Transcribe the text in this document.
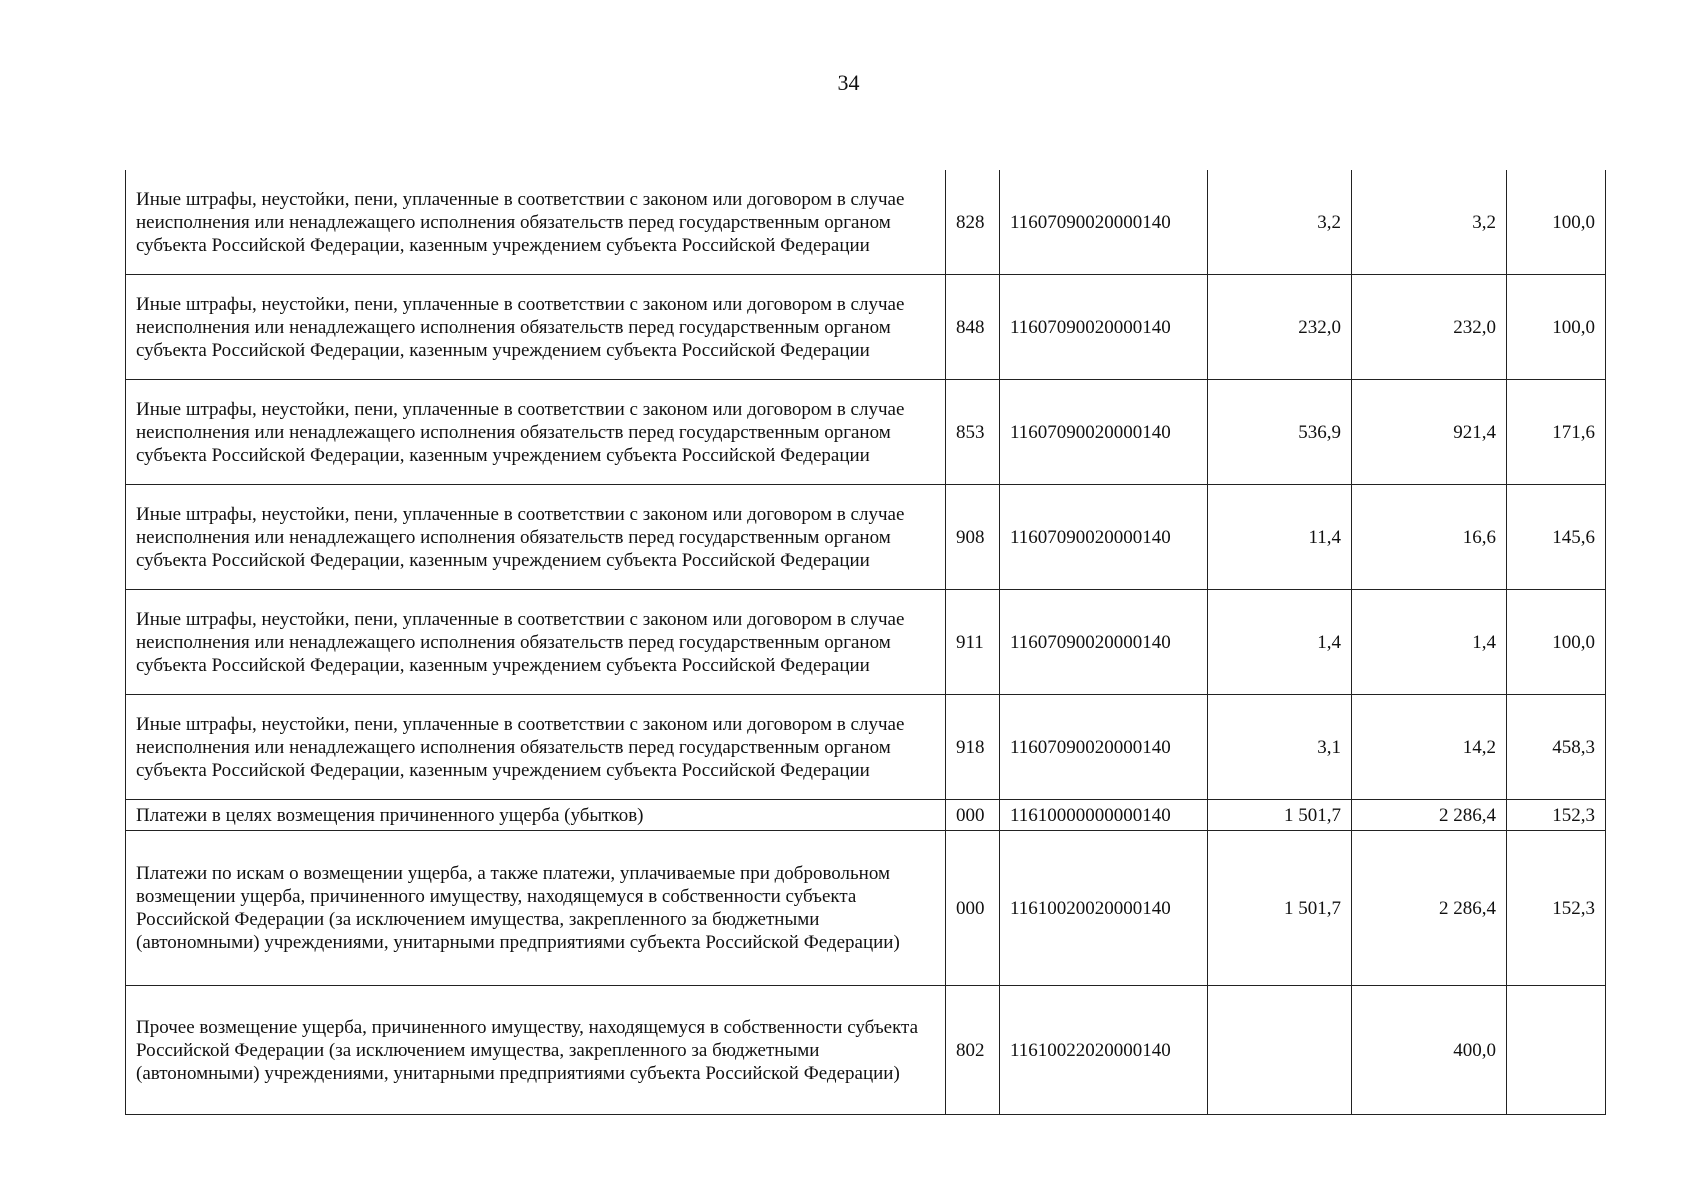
34
Иные штрафы, неустойки, пени, уплаченные в соответствии с законом или договором в случае неисполнения или ненадлежащего исполнения обязательств перед государственным органом субъекта Российской Федерации, казенным учреждением субъекта Российской Федерации	828	11607090020000140	3,2	3,2	100,0
Иные штрафы, неустойки, пени, уплаченные в соответствии с законом или договором в случае неисполнения или ненадлежащего исполнения обязательств перед государственным органом субъекта Российской Федерации, казенным учреждением субъекта Российской Федерации	848	11607090020000140	232,0	232,0	100,0
Иные штрафы, неустойки, пени, уплаченные в соответствии с законом или договором в случае неисполнения или ненадлежащего исполнения обязательств перед государственным органом субъекта Российской Федерации, казенным учреждением субъекта Российской Федерации	853	11607090020000140	536,9	921,4	171,6
Иные штрафы, неустойки, пени, уплаченные в соответствии с законом или договором в случае неисполнения или ненадлежащего исполнения обязательств перед государственным органом субъекта Российской Федерации, казенным учреждением субъекта Российской Федерации	908	11607090020000140	11,4	16,6	145,6
Иные штрафы, неустойки, пени, уплаченные в соответствии с законом или договором в случае неисполнения или ненадлежащего исполнения обязательств перед государственным органом субъекта Российской Федерации, казенным учреждением субъекта Российской Федерации	911	11607090020000140	1,4	1,4	100,0
Иные штрафы, неустойки, пени, уплаченные в соответствии с законом или договором в случае неисполнения или ненадлежащего исполнения обязательств перед государственным органом субъекта Российской Федерации, казенным учреждением субъекта Российской Федерации	918	11607090020000140	3,1	14,2	458,3
Платежи в целях возмещения причиненного ущерба (убытков)	000	11610000000000140	1 501,7	2 286,4	152,3
Платежи по искам о возмещении ущерба, а также платежи, уплачиваемые при добровольном возмещении ущерба, причиненного имуществу, находящемуся в собственности субъекта Российской Федерации (за исключением имущества, закрепленного за бюджетными (автономными) учреждениями, унитарными предприятиями субъекта Российской Федерации)	000	11610020020000140	1 501,7	2 286,4	152,3
Прочее возмещение ущерба, причиненного имуществу, находящемуся в собственности субъекта Российской Федерации (за исключением имущества, закрепленного за бюджетными (автономными) учреждениями, унитарными предприятиями субъекта Российской Федерации)	802	11610022020000140		400,0	
